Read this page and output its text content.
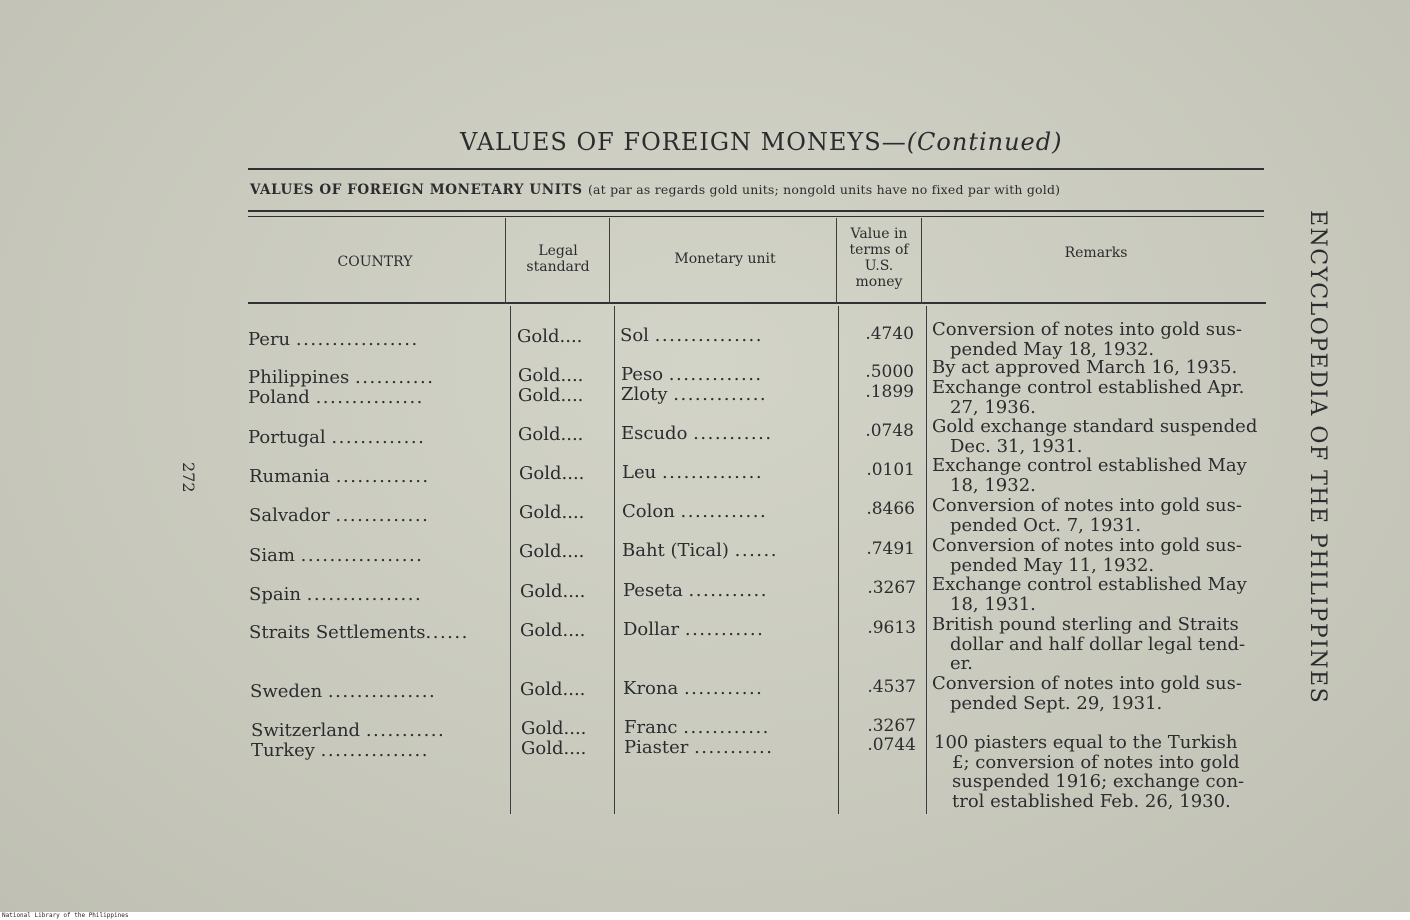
VALUES OF FOREIGN MONEYS—(Continued)
VALUES OF FOREIGN MONETARY UNITS (at par as regards gold units; nongold units have no fixed par with gold)
COUNTRY
Legal
standard	Monetary unit
Value in
terms of
U.S.
money
Remarks
Peru .................	Gold.... Sol ...............	.4740 Conversion of notes into gold sus-
pended May 18, 1932.
Philippines ...........	Gold.... Peso .............	.5000 By act approved March 16, 1935.
Poland ...............	Gold.... Zloty .............	.1899 Exchange control established Apr.
27, 1936.
Portugal .............	Gold.... Escudo ...........	.0748 Gold exchange standard suspended
Dec. 31, 1931.
Rumania .............	Gold.... Leu ..............	.0101 Exchange control established May
18, 1932.
Salvador .............	Gold.... Colon ............	.8466 Conversion of notes into gold sus-
pended Oct. 7, 1931.
Siam .................	Gold.... Baht (Tical) ......	.7491 Conversion of notes into gold sus-
pended May 11, 1932.
Spain ................	Gold.... Peseta ...........	.3267 Exchange control established May
18, 1931.
Straits Settlements......	Gold.... Dollar ...........	.9613 British pound sterling and Straits
dollar and half dollar legal tend-
er.
Sweden ...............	Gold.... Krona ...........	.4537 Conversion of notes into gold sus-
pended Sept. 29, 1931.
Switzerland ...........	Gold.... Franc ............	.3267
Turkey ...............	Gold.... Piaster ...........	.0744 100 piasters equal to the Turkish
£; conversion of notes into gold
suspended 1916; exchange con-
trol established Feb. 26, 1930.
272	ENCYCLOPEDIA OF THE PHILIPPINES
National Library of the Philippines
